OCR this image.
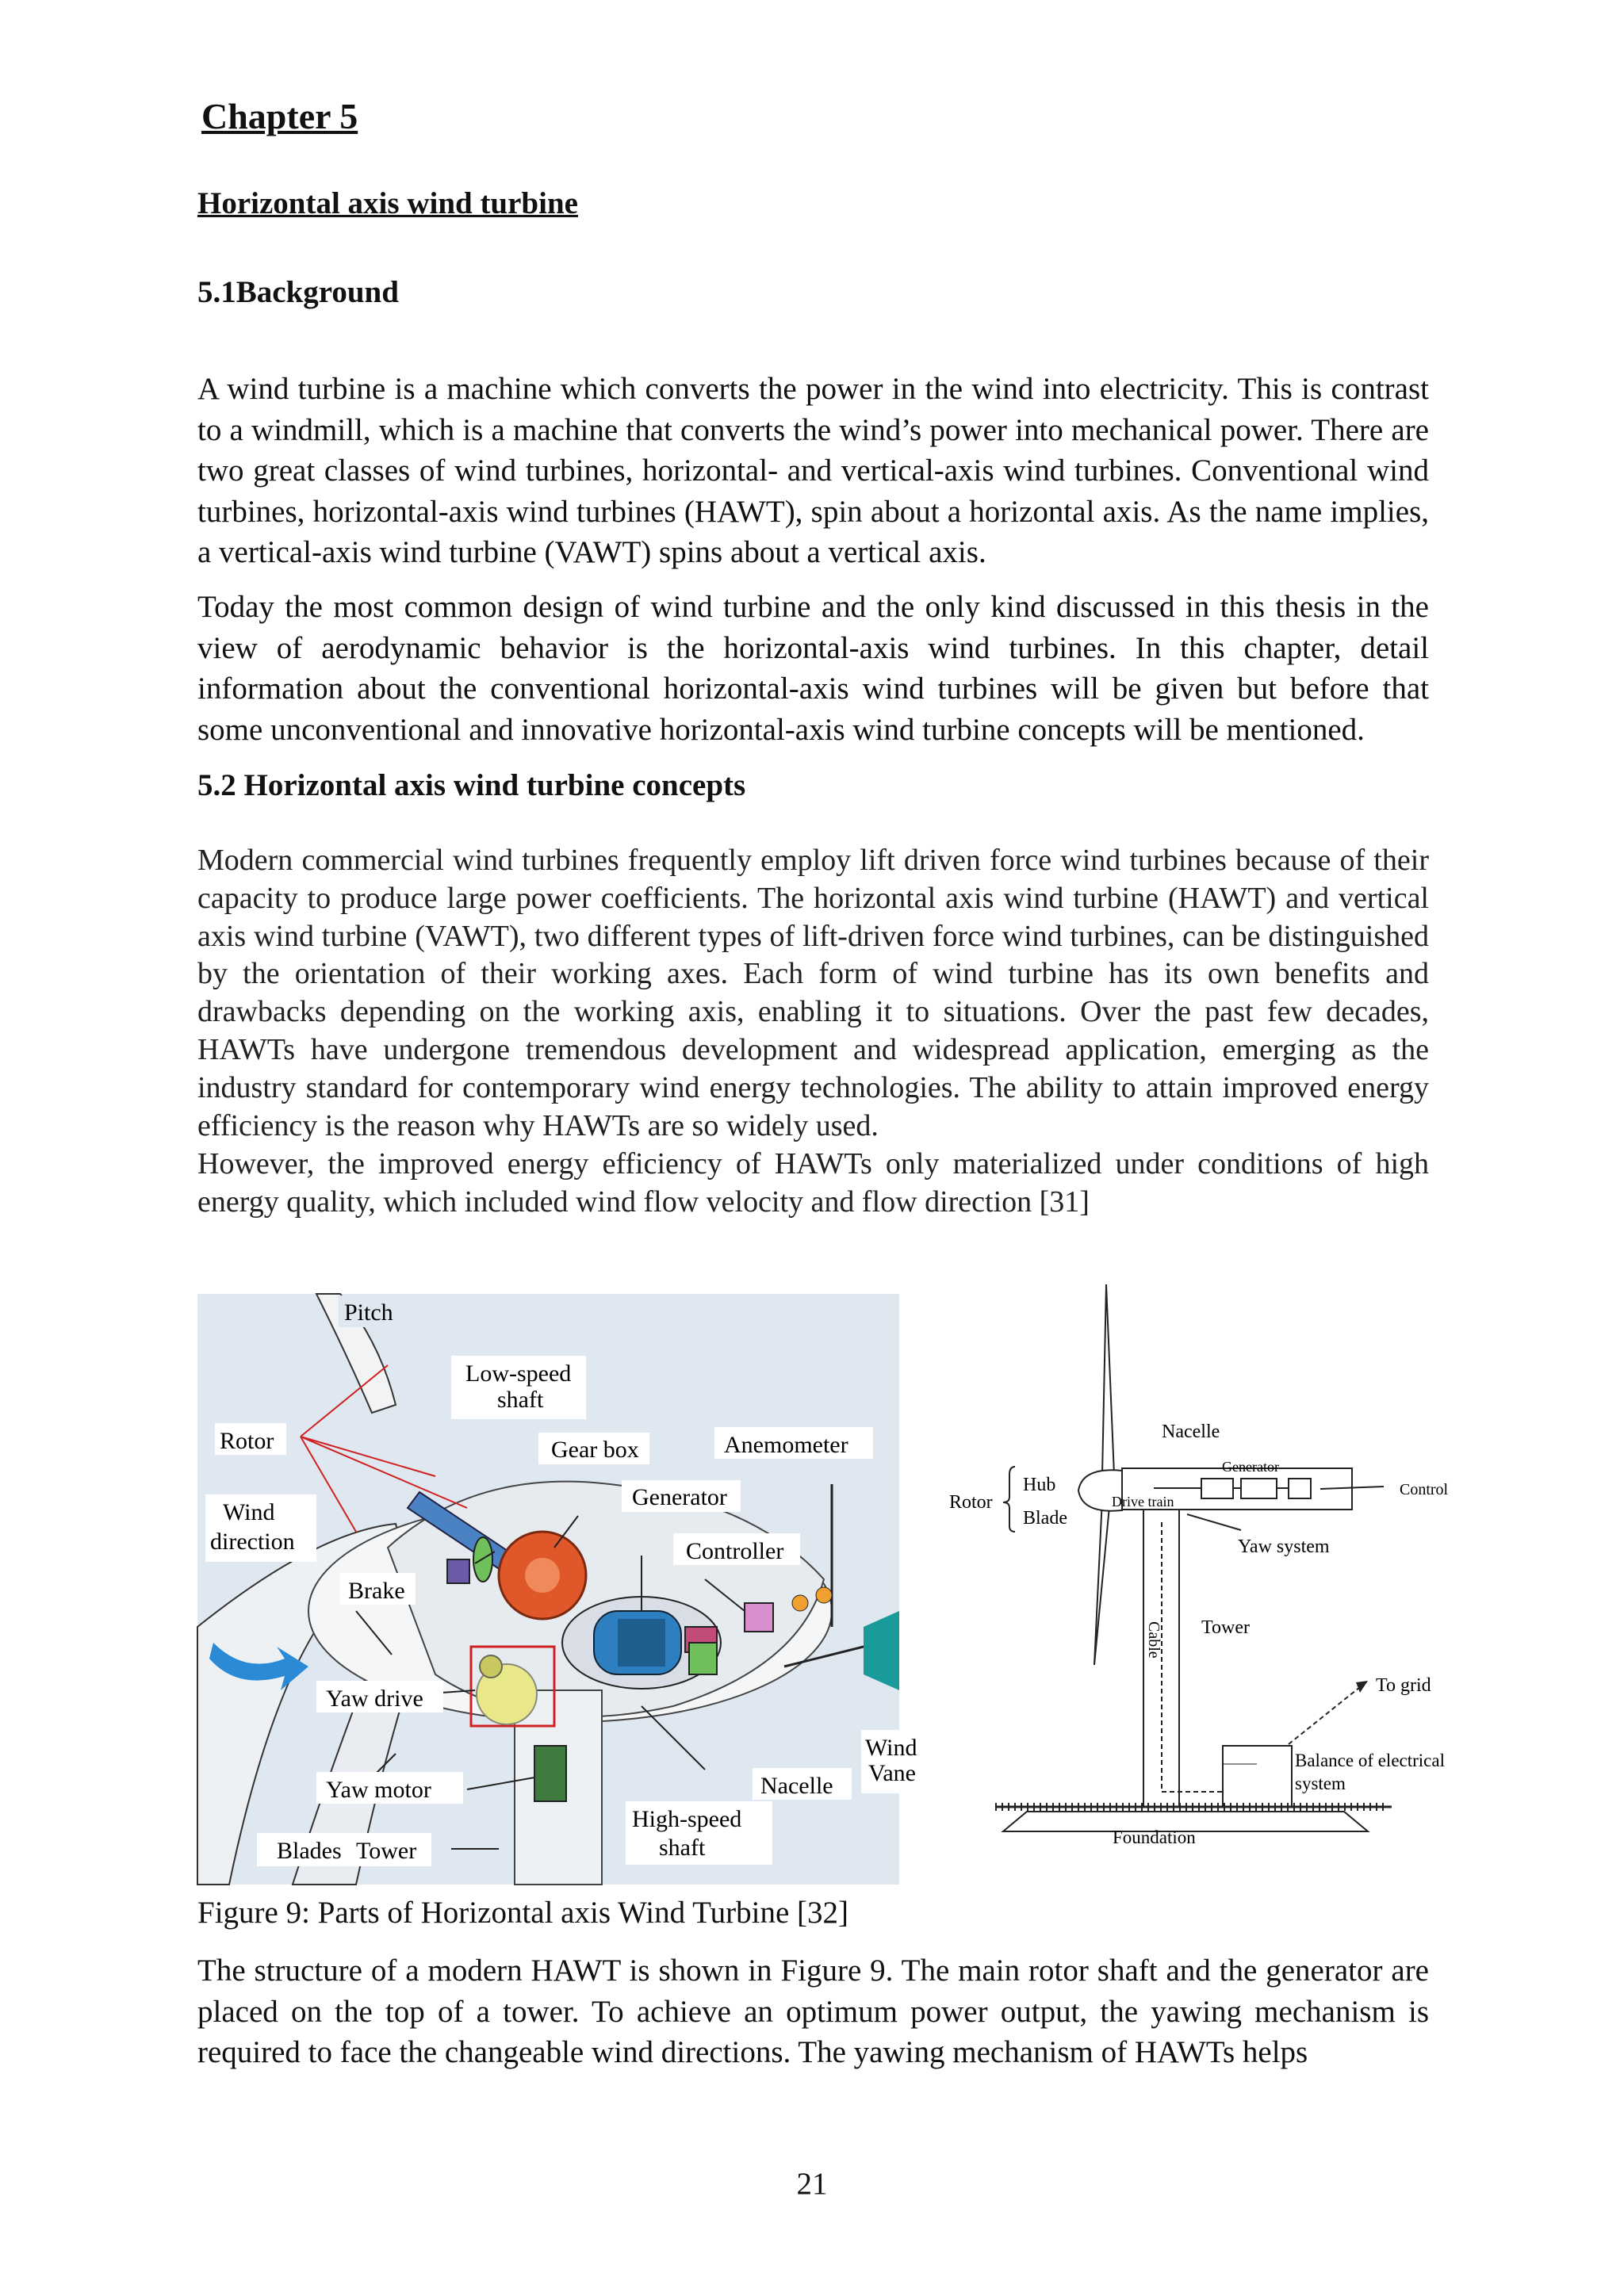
Chapter 5
Horizontal axis wind turbine
5.1Background
A wind turbine is a machine which converts the power in the wind into electricity. This is contrast to a windmill, which is a machine that converts the wind’s power into mechanical power. There are two great classes of wind turbines, horizontal- and vertical-axis wind turbines. Conventional wind turbines, horizontal-axis wind turbines (HAWT), spin about a horizontal axis. As the name implies, a vertical-axis wind turbine (VAWT) spins about a vertical axis.
Today the most common design of wind turbine and the only kind discussed in this thesis in the view of aerodynamic behavior is the horizontal-axis wind turbines. In this chapter, detail information about the conventional horizontal-axis wind turbines will be given but before that some unconventional and innovative horizontal-axis wind turbine concepts will be mentioned.
5.2 Horizontal axis wind turbine concepts
Modern commercial wind turbines frequently employ lift driven force wind turbines because of their capacity to produce large power coefficients. The horizontal axis wind turbine (HAWT) and vertical axis wind turbine (VAWT), two different types of lift-driven force wind turbines, can be distinguished by the orientation of their working axes. Each form of wind turbine has its own benefits and drawbacks depending on the working axis, enabling it to situations. Over the past few decades, HAWTs have undergone tremendous development and widespread application, emerging as the industry standard for contemporary wind energy technologies. The ability to attain improved energy efficiency is the reason why HAWTs are so widely used.
However, the improved energy efficiency of HAWTs only materialized under conditions of high energy quality, which included wind flow velocity and flow direction [31]
Pitch
Low-speed
shaft
Rotor	Gear box	Anemometer
Generator
Wind
direction	Controller
Brake
Yaw drive
Wind
Vane
Yaw motor	Nacelle
High-speed
shaft
Blades Tower
Nacelle
Generator
Hub
Rotor
Blade
Drive train
Control
Yaw system
Tower
Cable
To grid
Balance of electrical
system
Foundation
Figure 9: Parts of Horizontal axis Wind Turbine [32]
The structure of a modern HAWT is shown in Figure 9. The main rotor shaft and the generator are placed on the top of a tower. To achieve an optimum power output, the yawing mechanism is required to face the changeable wind directions. The yawing mechanism of HAWTs helps
21
